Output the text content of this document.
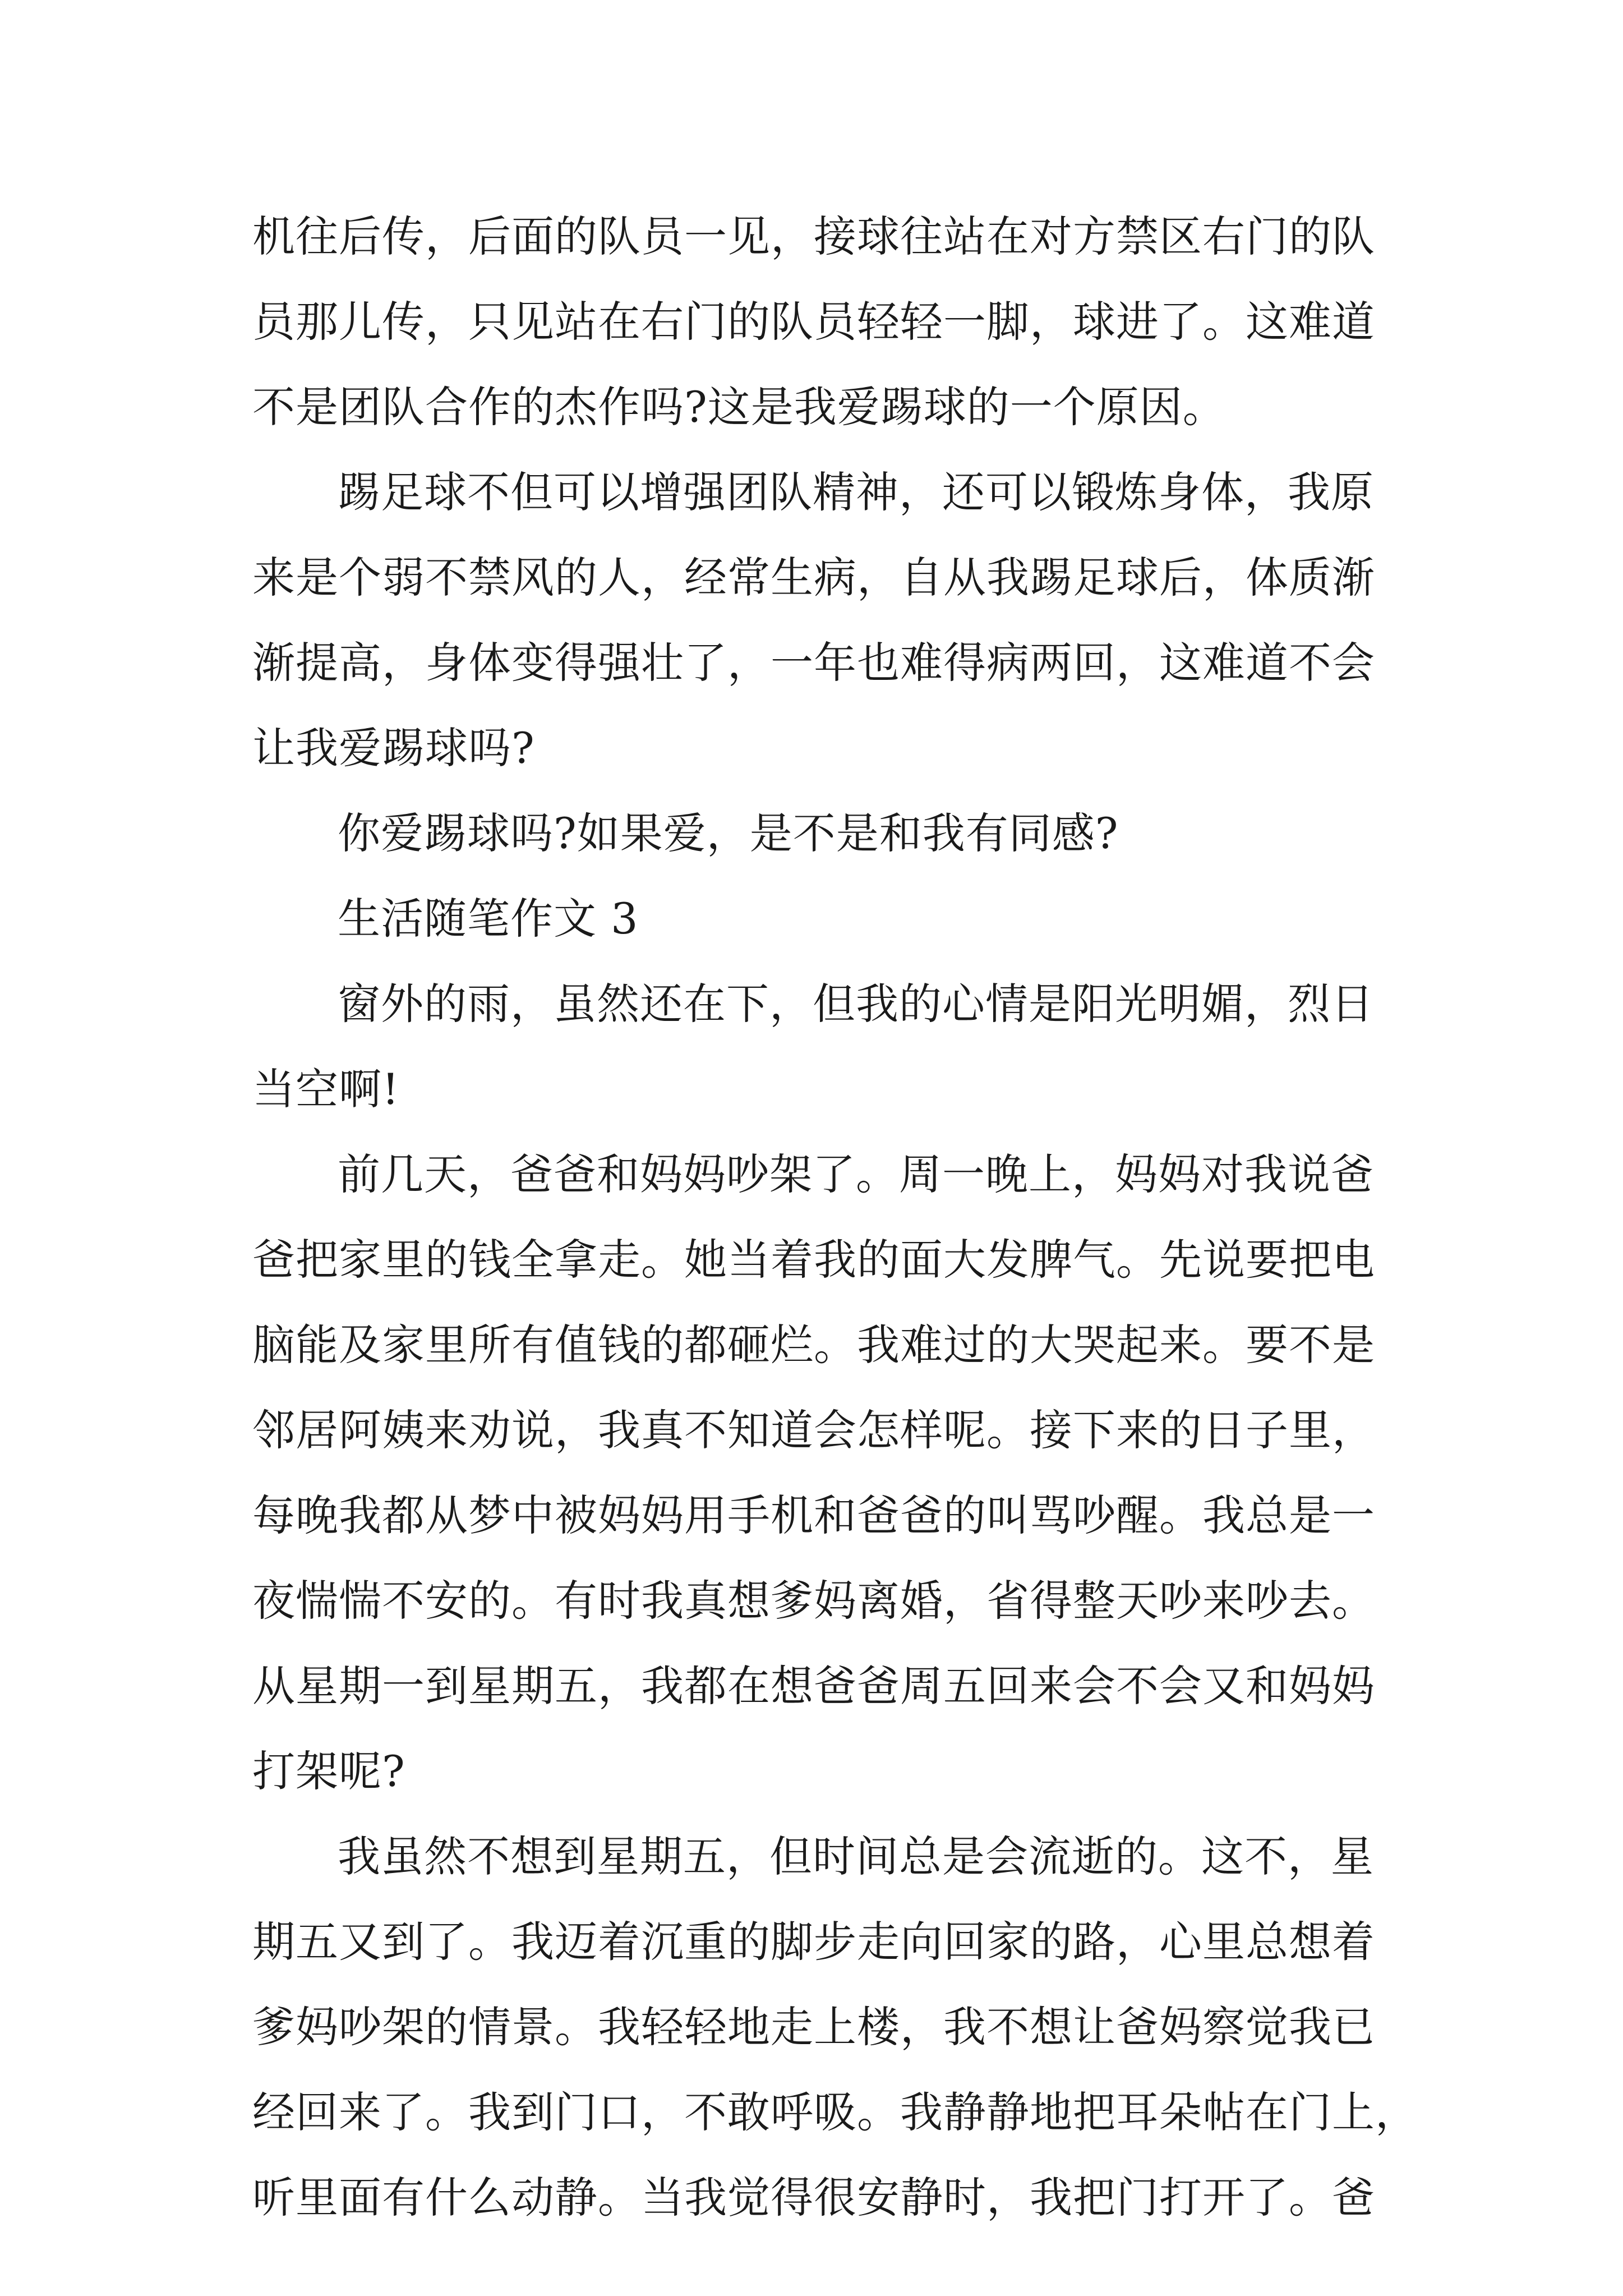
机往后传，后面的队员一见，接球往站在对方禁区右门的队
员那儿传，只见站在右门的队员轻轻一脚，球进了。这难道
不是团队合作的杰作吗?这是我爱踢球的一个原因。
踢足球不但可以增强团队精神，还可以锻炼身体，我原
来是个弱不禁风的人，经常生病，自从我踢足球后，体质渐
渐提高，身体变得强壮了，一年也难得病两回，这难道不会
让我爱踢球吗?
你爱踢球吗?如果爱，是不是和我有同感?
生活随笔作文 3
窗外的雨，虽然还在下，但我的心情是阳光明媚，烈日
当空啊!
前几天，爸爸和妈妈吵架了。周一晚上，妈妈对我说爸
爸把家里的钱全拿走。她当着我的面大发脾气。先说要把电
脑能及家里所有值钱的都砸烂。我难过的大哭起来。要不是
邻居阿姨来劝说，我真不知道会怎样呢。接下来的日子里，
每晚我都从梦中被妈妈用手机和爸爸的叫骂吵醒。我总是一
夜惴惴不安的。有时我真想爹妈离婚，省得整天吵来吵去。
从星期一到星期五，我都在想爸爸周五回来会不会又和妈妈
打架呢?
我虽然不想到星期五，但时间总是会流逝的。这不，星
期五又到了。我迈着沉重的脚步走向回家的路，心里总想着
爹妈吵架的情景。我轻轻地走上楼，我不想让爸妈察觉我已
经回来了。我到门口，不敢呼吸。我静静地把耳朵帖在门上，
听里面有什么动静。当我觉得很安静时，我把门打开了。爸
